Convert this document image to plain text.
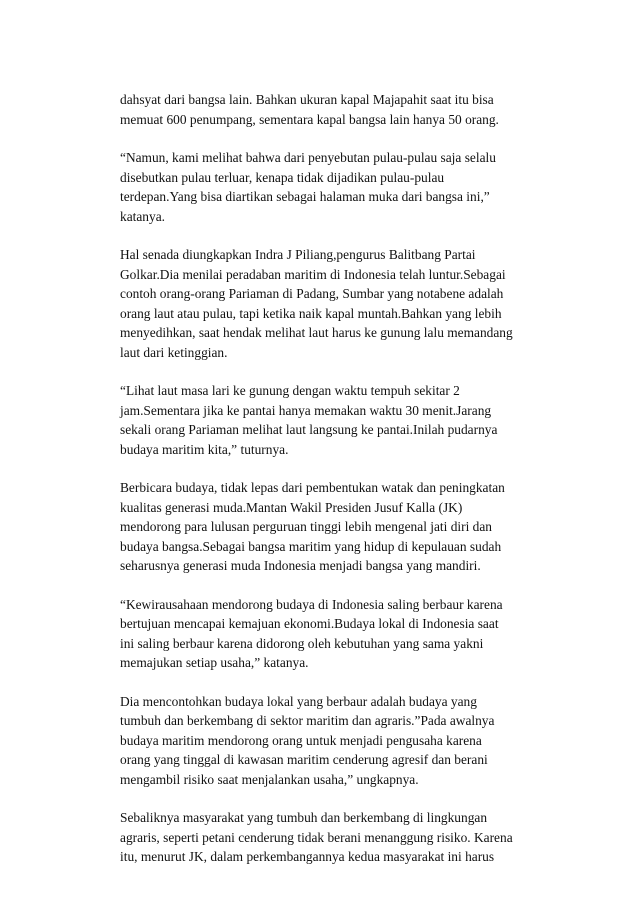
dahsyat dari bangsa lain. Bahkan ukuran kapal Majapahit saat itu bisa
memuat 600 penumpang, sementara kapal bangsa lain hanya 50 orang.
“Namun, kami melihat bahwa dari penyebutan pulau-pulau saja selalu
disebutkan pulau terluar, kenapa tidak dijadikan pulau-pulau
terdepan.Yang bisa diartikan sebagai halaman muka dari bangsa ini,”
katanya.
Hal senada diungkapkan Indra J Piliang,pengurus Balitbang Partai
Golkar.Dia menilai peradaban maritim di Indonesia telah luntur.Sebagai
contoh orang-orang Pariaman di Padang, Sumbar yang notabene adalah
orang laut atau pulau, tapi ketika naik kapal muntah.Bahkan yang lebih
menyedihkan, saat hendak melihat laut harus ke gunung lalu memandang
laut dari ketinggian.
“Lihat laut masa lari ke gunung dengan waktu tempuh sekitar 2
jam.Sementara jika ke pantai hanya memakan waktu 30 menit.Jarang
sekali orang Pariaman melihat laut langsung ke pantai.Inilah pudarnya
budaya maritim kita,” tuturnya.
Berbicara budaya, tidak lepas dari pembentukan watak dan peningkatan
kualitas generasi muda.Mantan Wakil Presiden Jusuf Kalla (JK)
mendorong para lulusan perguruan tinggi lebih mengenal jati diri dan
budaya bangsa.Sebagai bangsa maritim yang hidup di kepulauan sudah
seharusnya generasi muda Indonesia menjadi bangsa yang mandiri.
“Kewirausahaan mendorong budaya di Indonesia saling berbaur karena
bertujuan mencapai kemajuan ekonomi.Budaya lokal di Indonesia saat
ini saling berbaur karena didorong oleh kebutuhan yang sama yakni
memajukan setiap usaha,” katanya.
Dia mencontohkan budaya lokal yang berbaur adalah budaya yang
tumbuh dan berkembang di sektor maritim dan agraris.”Pada awalnya
budaya maritim mendorong orang untuk menjadi pengusaha karena
orang yang tinggal di kawasan maritim cenderung agresif dan berani
mengambil risiko saat menjalankan usaha,” ungkapnya.
Sebaliknya masyarakat yang tumbuh dan berkembang di lingkungan
agraris, seperti petani cenderung tidak berani menanggung risiko. Karena
itu, menurut JK, dalam perkembangannya kedua masyarakat ini harus
